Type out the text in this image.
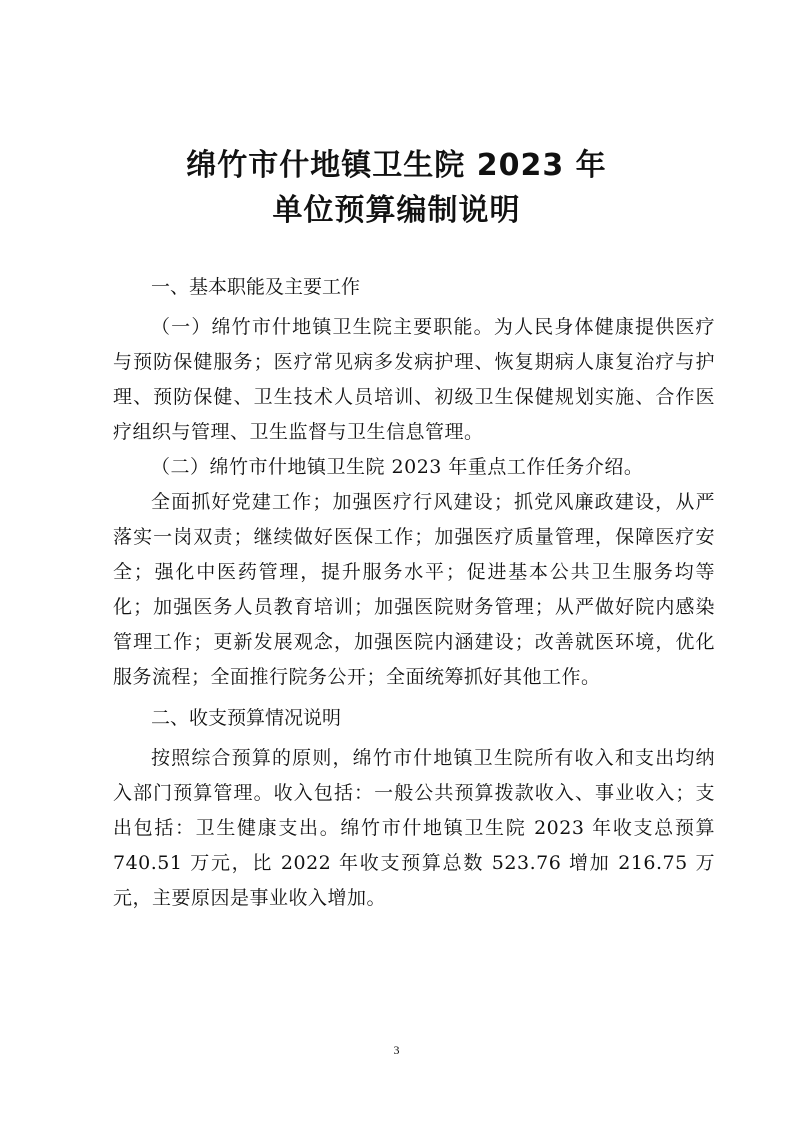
绵竹市什地镇卫生院 2023 年
单位预算编制说明

一、基本职能及主要工作

（一）绵竹市什地镇卫生院主要职能。为人民身体健康提供医疗与预防保健服务；医疗常见病多发病护理、恢复期病人康复治疗与护理、预防保健、卫生技术人员培训、初级卫生保健规划实施、合作医疗组织与管理、卫生监督与卫生信息管理。

（二）绵竹市什地镇卫生院 2023 年重点工作任务介绍。

全面抓好党建工作；加强医疗行风建设；抓党风廉政建设，从严落实一岗双责；继续做好医保工作；加强医疗质量管理，保障医疗安全；强化中医药管理，提升服务水平；促进基本公共卫生服务均等化；加强医务人员教育培训；加强医院财务管理；从严做好院内感染管理工作；更新发展观念，加强医院内涵建设；改善就医环境，优化服务流程；全面推行院务公开；全面统筹抓好其他工作。

二、收支预算情况说明

按照综合预算的原则，绵竹市什地镇卫生院所有收入和支出均纳入部门预算管理。收入包括：一般公共预算拨款收入、事业收入；支出包括：卫生健康支出。绵竹市什地镇卫生院 2023 年收支总预算 740.51 万元，比 2022 年收支预算总数 523.76 增加 216.75 万元，主要原因是事业收入增加。

3
